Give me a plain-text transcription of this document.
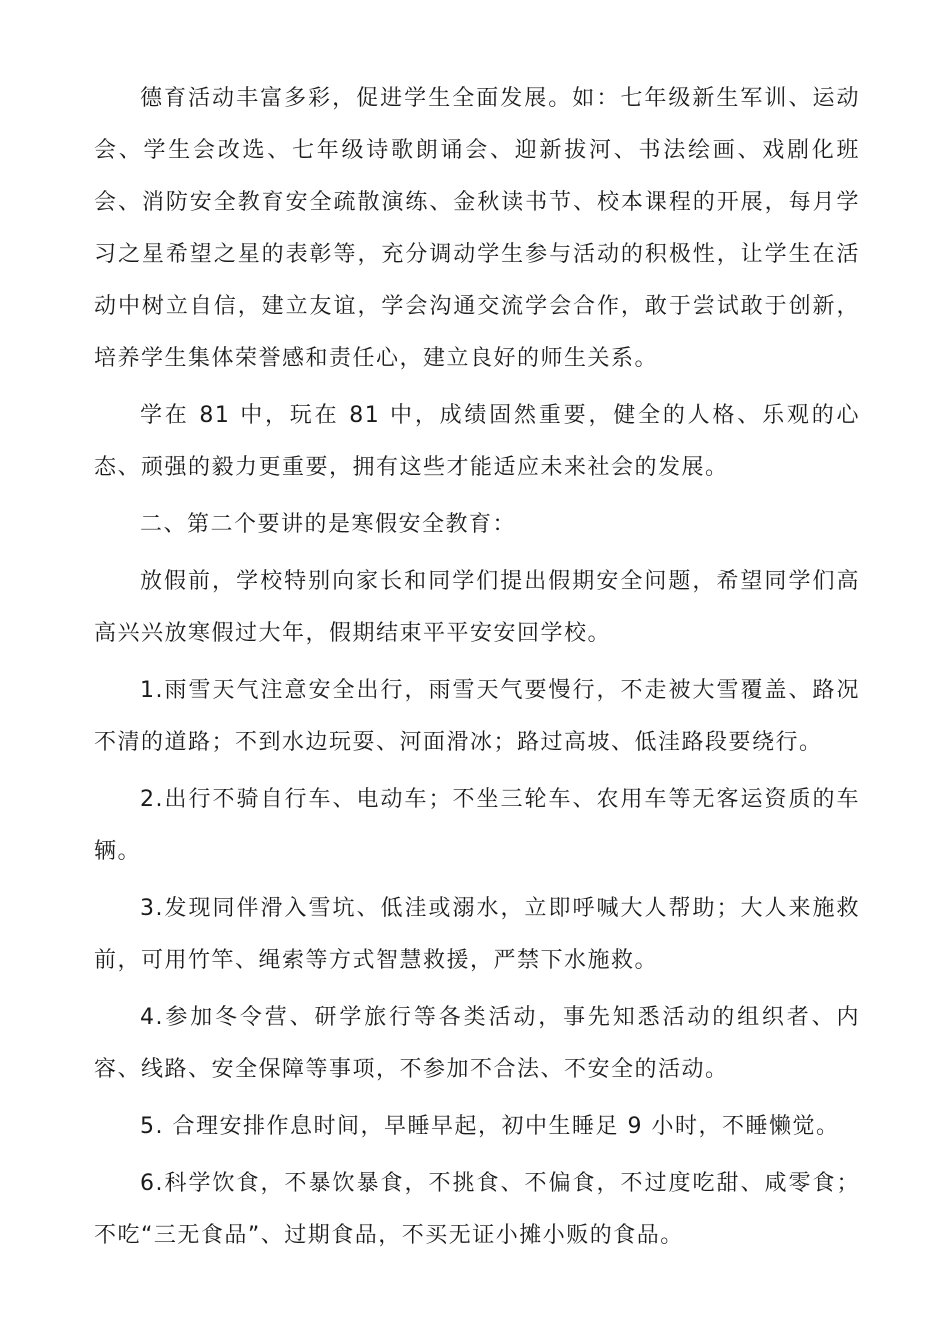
德育活动丰富多彩，促进学生全面发展。如：七年级新生军训、运动会、学生会改选、七年级诗歌朗诵会、迎新拔河、书法绘画、戏剧化班会、消防安全教育安全疏散演练、金秋读书节、校本课程的开展，每月学习之星希望之星的表彰等，充分调动学生参与活动的积极性，让学生在活动中树立自信，建立友谊，学会沟通交流学会合作，敢于尝试敢于创新，培养学生集体荣誉感和责任心，建立良好的师生关系。

学在 81 中，玩在 81 中，成绩固然重要，健全的人格、乐观的心态、顽强的毅力更重要，拥有这些才能适应未来社会的发展。

二、第二个要讲的是寒假安全教育：

放假前，学校特别向家长和同学们提出假期安全问题，希望同学们高高兴兴放寒假过大年，假期结束平平安安回学校。

1.雨雪天气注意安全出行，雨雪天气要慢行，不走被大雪覆盖、路况不清的道路；不到水边玩耍、河面滑冰；路过高坡、低洼路段要绕行。

2.出行不骑自行车、电动车；不坐三轮车、农用车等无客运资质的车辆。

3.发现同伴滑入雪坑、低洼或溺水，立即呼喊大人帮助；大人来施救前，可用竹竿、绳索等方式智慧救援，严禁下水施救。

4.参加冬令营、研学旅行等各类活动，事先知悉活动的组织者、内容、线路、安全保障等事项，不参加不合法、不安全的活动。

5. 合理安排作息时间，早睡早起，初中生睡足 9 小时，不睡懒觉。

6.科学饮食，不暴饮暴食，不挑食、不偏食，不过度吃甜、咸零食；不吃“三无食品”、过期食品，不买无证小摊小贩的食品。
